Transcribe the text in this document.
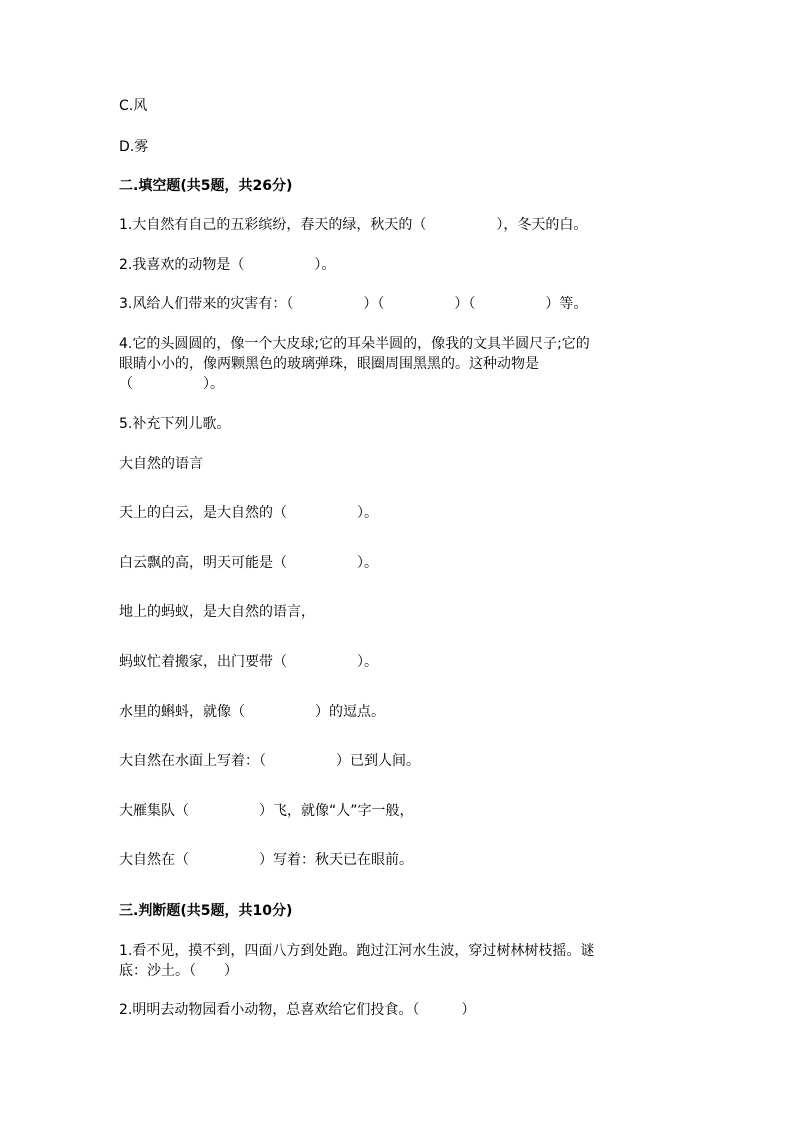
C.风
D.雾
二.填空题(共5题，共26分)
1.大自然有自己的五彩缤纷，春天的绿，秋天的（　　　　　），冬天的白。
2.我喜欢的动物是（　　　　　）。
3.风给人们带来的灾害有：（　　　　　）（　　　　　）（　　　　　）等。
4.它的头圆圆的，像一个大皮球;它的耳朵半圆的，像我的文具半圆尺子;它的
眼睛小小的，像两颗黑色的玻璃弹珠，眼圈周围黑黑的。这种动物是
（　　　　　）。
5.补充下列儿歌。
大自然的语言
天上的白云，是大自然的（　　　　　）。
白云飘的高，明天可能是（　　　　　）。
地上的蚂蚁，是大自然的语言，
蚂蚁忙着搬家，出门要带（　　　　　）。
水里的蝌蚪，就像（　　　　　）的逗点。
大自然在水面上写着：（　　　　　）已到人间。
大雁集队（　　　　　）飞，就像“人”字一般，
大自然在（　　　　　）写着：秋天已在眼前。
三.判断题(共5题，共10分)
1.看不见，摸不到，四面八方到处跑。跑过江河水生波，穿过树林树枝摇。谜
底：沙土。（　　）
2.明明去动物园看小动物，总喜欢给它们投食。（　　　）
